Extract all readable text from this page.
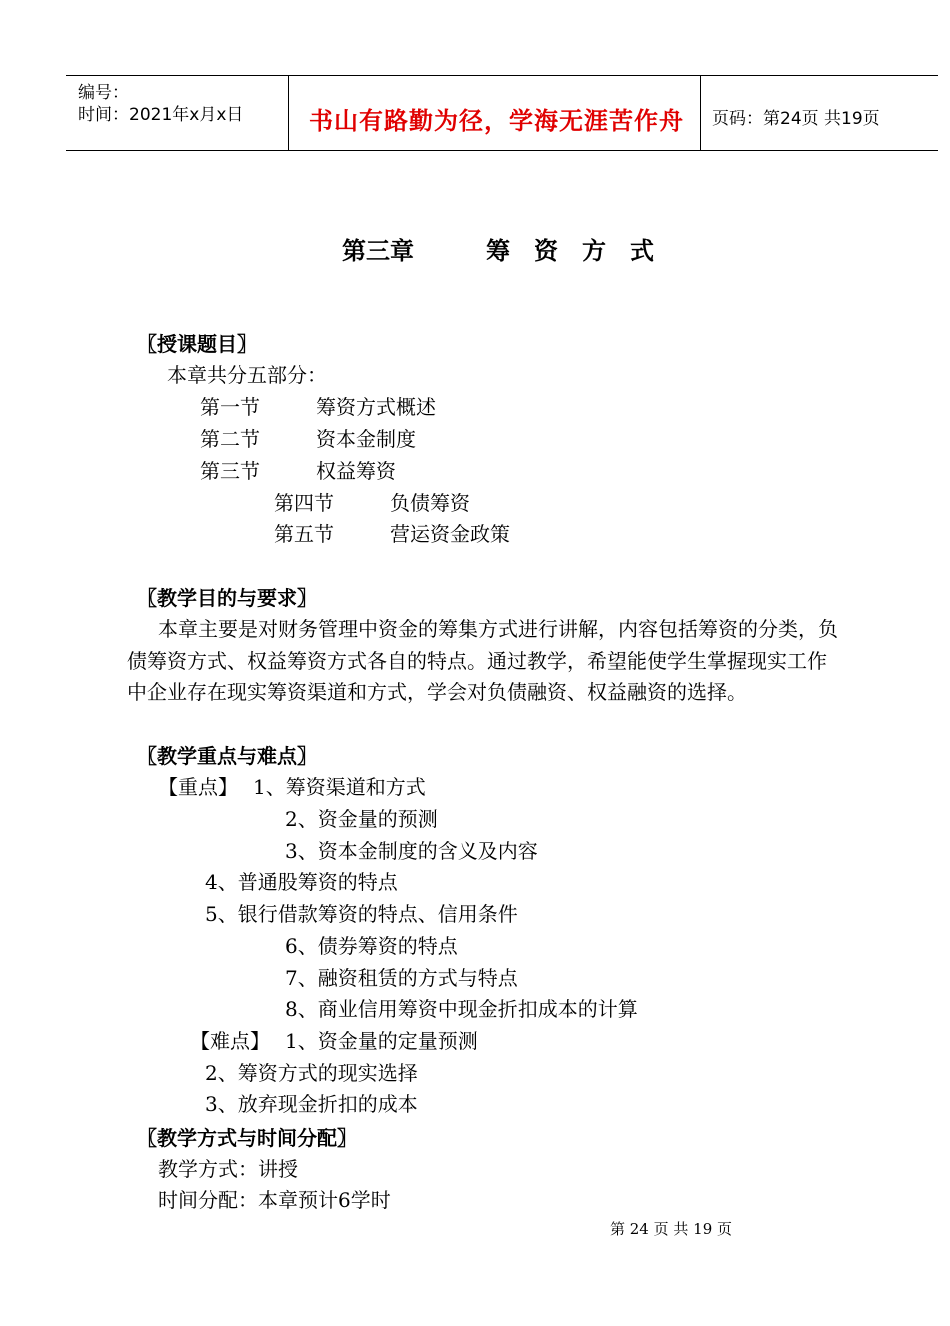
编号：
时间：2021年x月x日	书山有路勤为径，学海无涯苦作舟 页码：第24页 共19页
第三章　　　筹　资　方　式
〖授课题目〗
本章共分五部分：
第一节	筹资方式概述
第二节	资本金制度
第三节	权益筹资
第四节	负债筹资
第五节	营运资金政策
〖教学目的与要求〗
本章主要是对财务管理中资金的筹集方式进行讲解，内容包括筹资的分类，负
债筹资方式、权益筹资方式各自的特点。通过教学，希望能使学生掌握现实工作
中企业存在现实筹资渠道和方式，学会对负债融资、权益融资的选择。
〖教学重点与难点〗
【重点】 1、筹资渠道和方式
2、资金量的预测
3、资本金制度的含义及内容
4、普通股筹资的特点
5、银行借款筹资的特点、信用条件
6、债券筹资的特点
7、融资租赁的方式与特点
8、商业信用筹资中现金折扣成本的计算
【难点】 1、资金量的定量预测
2、筹资方式的现实选择
3、放弃现金折扣的成本
〖教学方式与时间分配〗
教学方式：讲授
时间分配：本章预计6学时
第 24 页 共 19 页
